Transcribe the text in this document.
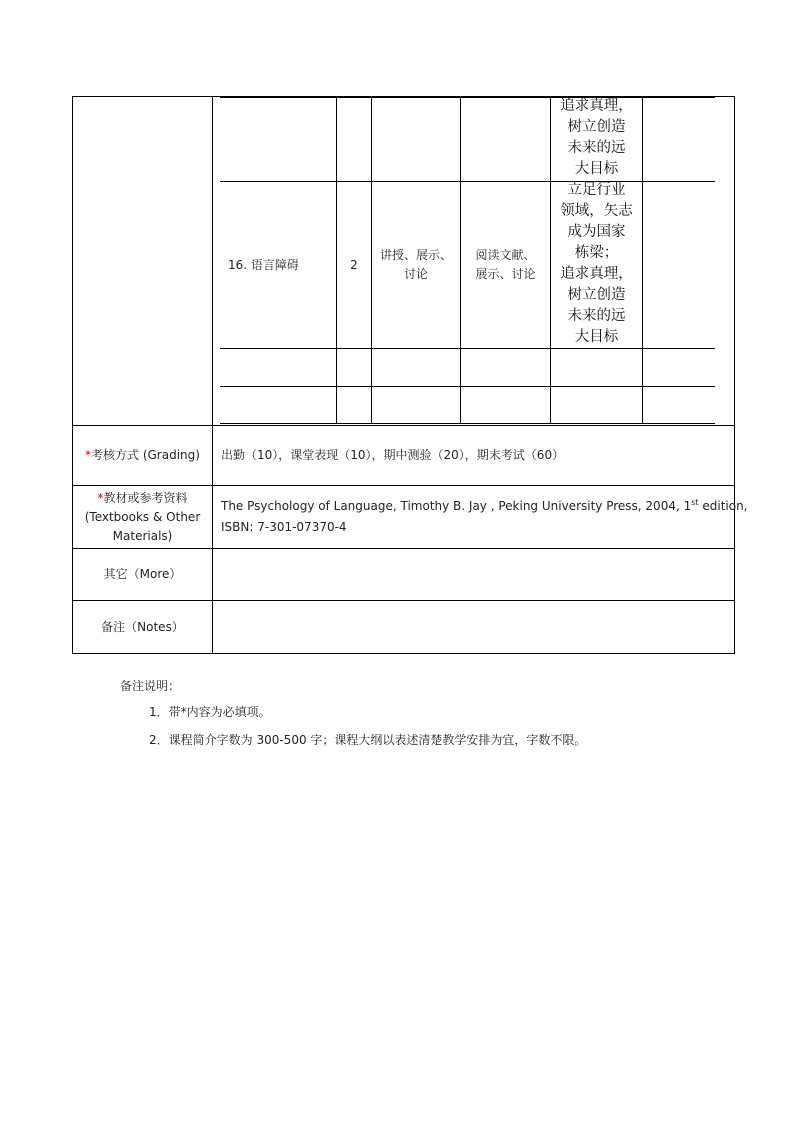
追求真理，
树立创造
未来的远
大目标
16. 语言障碍	2
讲授、展示、
讨论
阅读文献、
展示、讨论
立足行业
领域，矢志
成为国家
栋梁；
追求真理，
树立创造
未来的远
大目标
*考核方式 (Grading)	出勤（10），课堂表现（10），期中测验（20），期末考试（60）
*教材或参考资料
(Textbooks & Other
Materials)
The Psychology of Language, Timothy B. Jay , Peking University Press, 2004, 1st edition,
ISBN: 7-301-07370-4
其它（More）
备注（Notes）
备注说明：
1．带*内容为必填项。
2．课程简介字数为 300-500 字；课程大纲以表述清楚教学安排为宜，字数不限。
